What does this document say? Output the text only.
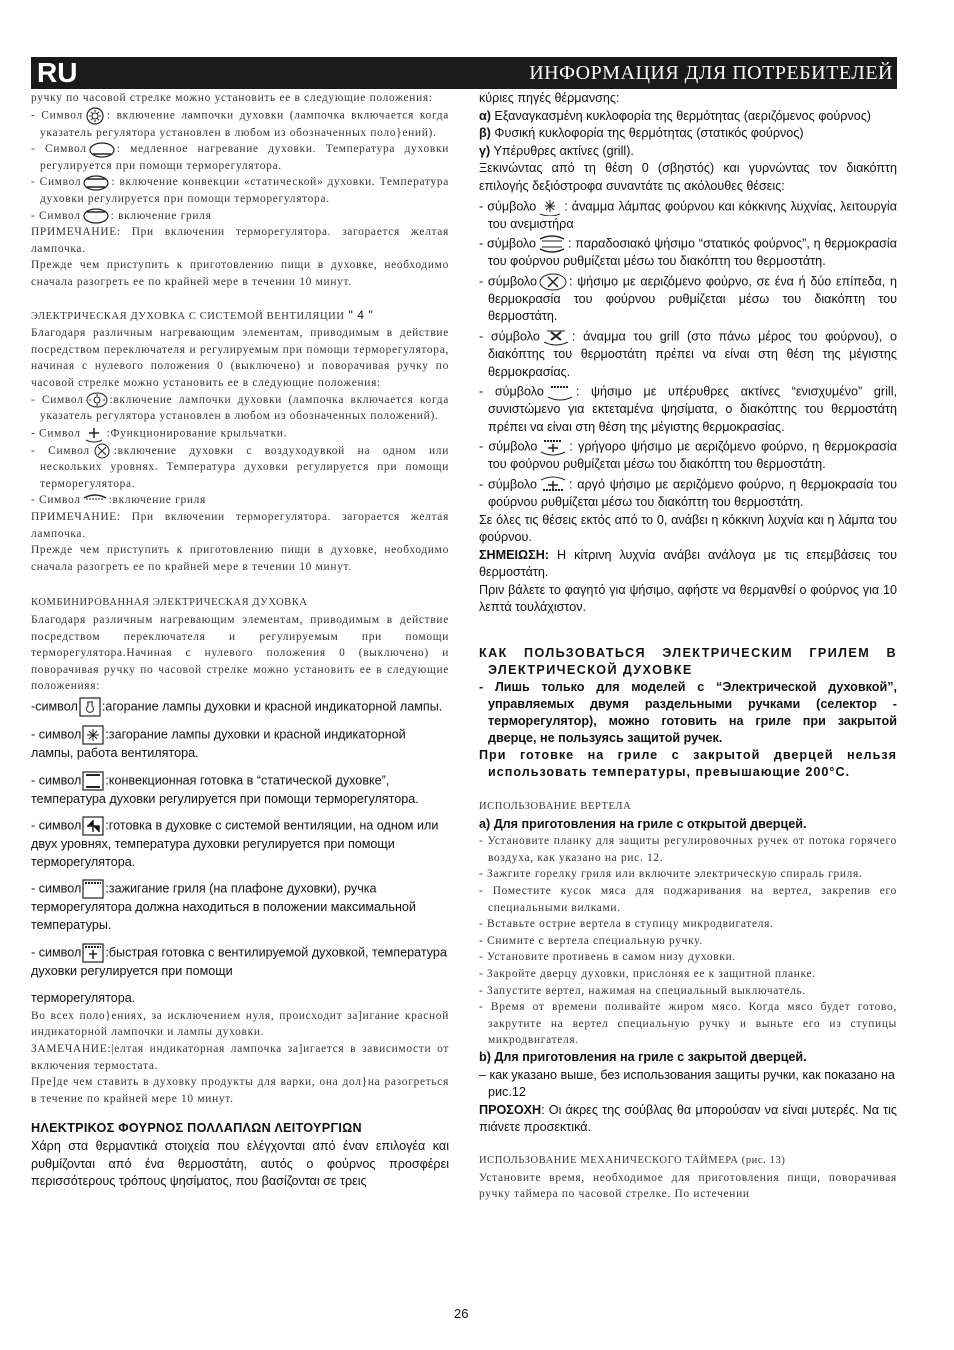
RU	ИНФОРМАЦИЯ ДЛЯ ПОТРЕБИТЕЛЕЙ

ручку по часовой стрелке можно установить ее в следующие положения:

- Символ : включение лампочки духовки (лампочка включается когда указатель регулятора установлен в любом из обозначенных поло}ений).

- Символ	: медленное нагревание духовки. Температура духовки регулируется при помощи терморегулятора.

- Символ	: включение конвекции «статической» духовки. Температура духовки регулируется при помощи терморегулятора.

- Символ	: включение гриля

ПРИМЕЧАНИЕ: При включении терморегулятора. загорается желтая лампочка.

Прежде чем приступить к приготовлению пищи в духовке, необходимо сначала разогреть ее по крайней мере в течении 10 минут.

ЭЛЕКТРИЧЕСКАЯ ДУХОВКА С СИСТЕМОЙ ВЕНТИЛЯЦИИ " 4 "

Благодаря различным нагревающим элементам, приводимым в действие посредством переключателя и регулируемым при помощи терморегулятора, начиная с нулевого положения 0 (выключено) и поворачивая ручку по часовой стрелке можно установить ее в следующие положения:

- Символ :включение лампочки духовки (лампочка включается когда указатель регулятора установлен в любом из обозначенных положений).

- Символ :Функционирование крыльчатки.

- Символ :включение духовки с воздуходувкой на одном или нескольких уровнях. Температура духовки регулируется при помощи терморегулятора.

- Символ :включение гриля

ПРИМЕЧАНИЕ: При включении терморегулятора. загорается желтая лампочка.

Прежде чем приступить к приготовлению пищи в духовке, необходимо сначала разогреть ее по крайней мере в течении 10 минут.

КОМБИНИРОВАННАЯ ЭЛЕКТРИЧЕСКАЯ ДУХОВКА

Благодаря различным нагревающим элементам, приводимым в действие посредством переключателя и регулируемым при помощи терморегулятора.Начиная с нулевого положения 0 (выключено) и поворачивая ручку по часовой стрелке можно установить ее в следующие положенияя:

-символ :агорание лампы духовки и красной индикаторной лампы.

- символ :загорание лампы духовки и красной индикаторной лампы, работа вентилятора.

- символ :конвекционная готовка в “статической духовке”, температура духовки регулируется при помощи терморегулятора.

- символ :готовка в духовке с системой вентиляции, на одном или двух уровнях, температура духовки регулируется при помощи терморегулятора.

- символ :зажигание гриля (на плафоне духовки), ручка терморегулятора должна находиться в положении максимальной температуры.

- символ :быстрая готовка с вентилируемой духовкой, температура духовки регулируется при помощи

терморегулятора.

Во всех поло}ениях, за исключением нуля, происходит за]игание красной индикаторной лампочки и лампы духовки.

ЗАМЕЧАНИЕ:|елтая индикаторная лампочка за]игается в зависимости от включения термостата.

Пре]де чем ставить в духовку продукты для варки, она дол}на разогреться в течение по крайней мере 10 минут.

ΗΛΕΚΤΡΙΚΟΣ ΦΟΥΡΝΟΣ ΠΟΛΛΑΠΛΩΝ ΛΕΙΤΟΥΡΓΙΩΝ

Χάρη στα θερμαντικά στοιχεία που ελέγχονται από έναν επιλογέα και ρυθμίζονται από ένα θερμοστάτη, αυτός ο φούρνος προσφέρει περισσότερους τρόπους ψησίματος, που βασίζονται σε τρεις

κύριες πηγές θέρμανσης:

α) Εξαναγκασμένη κυκλοφορία της θερμότητας (αεριζόμενος φούρνος)

β) Φυσική κυκλοφορία της θερμότητας (στατικός φούρνος)

γ) Υπέρυθρες ακτίνες (grill).

Ξεκινώντας από τη θέση 0 (σβηστός) και γυρνώντας τον διακόπτη επιλογής δεξιόστροφα συναντάτε τις ακόλουθες θέσεις:

- σύμβολο : άναμμα λάμπας φούρνου και κόκκινης λυχνίας, λειτουργία του ανεμιστήρα

- σύμβολο	: παραδοσιακό ψήσιμο “στατικός φούρνος”, η θερμοκρασία του φούρνου ρυθμίζεται μέσω του διακόπτη του θερμοστάτη.

- σύμβολο	: ψήσιμο με αεριζόμενο φούρνο, σε ένα ή δύο επίπεδα, η θερμοκρασία του φούρνου ρυθμίζεται μέσω του διακόπτη του θερμοστάτη.

- σύμβολο	: άναμμα του grill (στο πάνω μέρος του φούρνου), ο διακόπτης του θερμοστάτη πρέπει να είναι στη θέση της μέγιστης θερμοκρασίας.

- σύμβολο	: ψήσιμο με υπέρυθρες ακτίνες “ενισχυμένο” grill, συνιστώμενο για εκτεταμένα ψησίματα, ο διακόπτης του θερμοστάτη πρέπει να είναι στη θέση της μέγιστης θερμοκρασίας.

- σύμβολο	: γρήγορο ψήσιμο με αεριζόμενο φούρνο, η θερμοκρασία του φούρνου ρυθμίζεται μέσω του διακόπτη του θερμοστάτη.

- σύμβολο	: αργό ψήσιμο με αεριζόμενο φούρνο, η θερμοκρασία του φούρνου ρυθμίζεται μέσω του διακόπτη του θερμοστάτη.

Σε όλες τις θέσεις εκτός από το 0, ανάβει η κόκκινη λυχνία και η λάμπα του φούρνου.

ΣΗΜΕΙΩΣΗ: Η κίτρινη λυχνία ανάβει ανάλογα με τις επεμβάσεις του θερμοστάτη.

Πριν βάλετε το φαγητό για ψήσιμο, αφήστε να θερμανθεί ο φούρνος για 10 λεπτά τουλάχιστον.

КАК ПОЛЬЗОВАТЬСЯ ЭЛЕКТРИЧЕСКИМ ГРИЛЕМ В ЭЛЕКТРИЧЕСКОЙ ДУХОВКЕ

- Лишь только для моделей с “Электрической духовкой”, управляемых двумя раздельными ручками (селектор - терморегулятор), можно готовить на гриле при закрытой дверце, не пользуясь защитой ручек.

При готовке на гриле с закрытой дверцей нельзя использовать температуры, превышающие 200°С.

ИСПОЛЬЗОВАНИЕ ВЕРТЕЛА

а) Для приготовления на гриле с открытой дверцей.

- Установите планку для защиты регулировочных ручек от потока горячего воздуха, как указано на рис. 12.

- Зажгите горелку гриля или включите электрическую спираль гриля.

- Поместите кусок мяса для поджаривания на вертел, закрепив его специальными вилками.

- Вставьте острие вертела в ступицу микродвигателя.

- Снимите с вертела специальную ручку.

- Установите противень в самом низу духовки.

- Закройте дверцу духовки, прислоняя ее к защитной планке.

- Запустите вертел, нажимая на специальный выключатель.

- Время от времени поливайте жиром мясо. Когда мясо будет готово, закрутите на вертел специальную ручку и выньте его из ступицы микродвигателя.

b) Для приготовления на гриле с закрытой дверцей.

– как указано выше, без использования защиты ручки, как показано на рис.12

ΠΡΟΣΟΧΗ: Οι άκρες της σούβλας θα μπορούσαν να είναι μυτερές. Να τις πιάνετε προσεκτικά.

ИСПОЛЬЗОВАНИЕ МЕХАНИЧЕСКОГО ТАЙМЕРА (рис. 13)

Установите время, необходимое для приготовления пищи, поворачивая ручку таймера по часовой стрелке. По истечении

26
